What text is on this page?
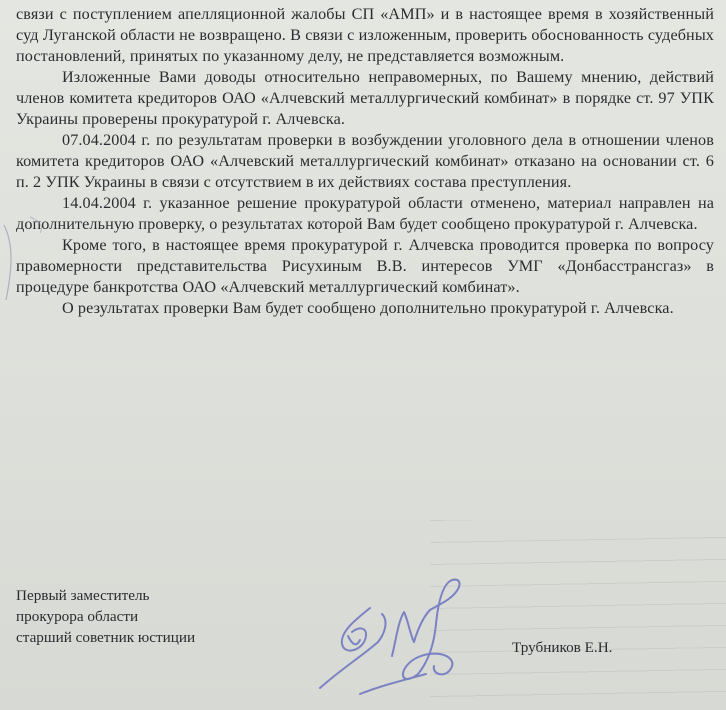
связи с поступлением апелляционной жалобы СП «АМП» и в настоящее время в хозяйственный суд Луганской области не возвращено. В связи с изложенным, проверить обоснованность судебных постановлений, принятых по указанному делу, не представляется возможным.

Изложенные Вами доводы относительно неправомерных, по Вашему мнению, действий членов комитета кредиторов ОАО «Алчевский металлургический комбинат» в порядке ст. 97 УПК Украины проверены прокуратурой г. Алчевска.

07.04.2004 г. по результатам проверки в возбуждении уголовного дела в отношении членов комитета кредиторов ОАО «Алчевский металлургический комбинат» отказано на основании ст. 6 п. 2 УПК Украины в связи с отсутствием в их действиях состава преступления.

14.04.2004 г. указанное решение прокуратурой области отменено, материал направлен на дополнительную проверку, о результатах которой Вам будет сообщено прокуратурой г. Алчевска.

Кроме того, в настоящее время прокуратурой г. Алчевска проводится проверка по вопросу правомерности представительства Рисухиным В.В. интересов УМГ «Донбасстрансгаз» в процедуре банкротства ОАО «Алчевский металлургический комбинат».

О результатах проверки Вам будет сообщено дополнительно прокуратурой г. Алчевска.

Первый заместитель
прокурора области
старший советник юстиции
Трубников Е.Н.
